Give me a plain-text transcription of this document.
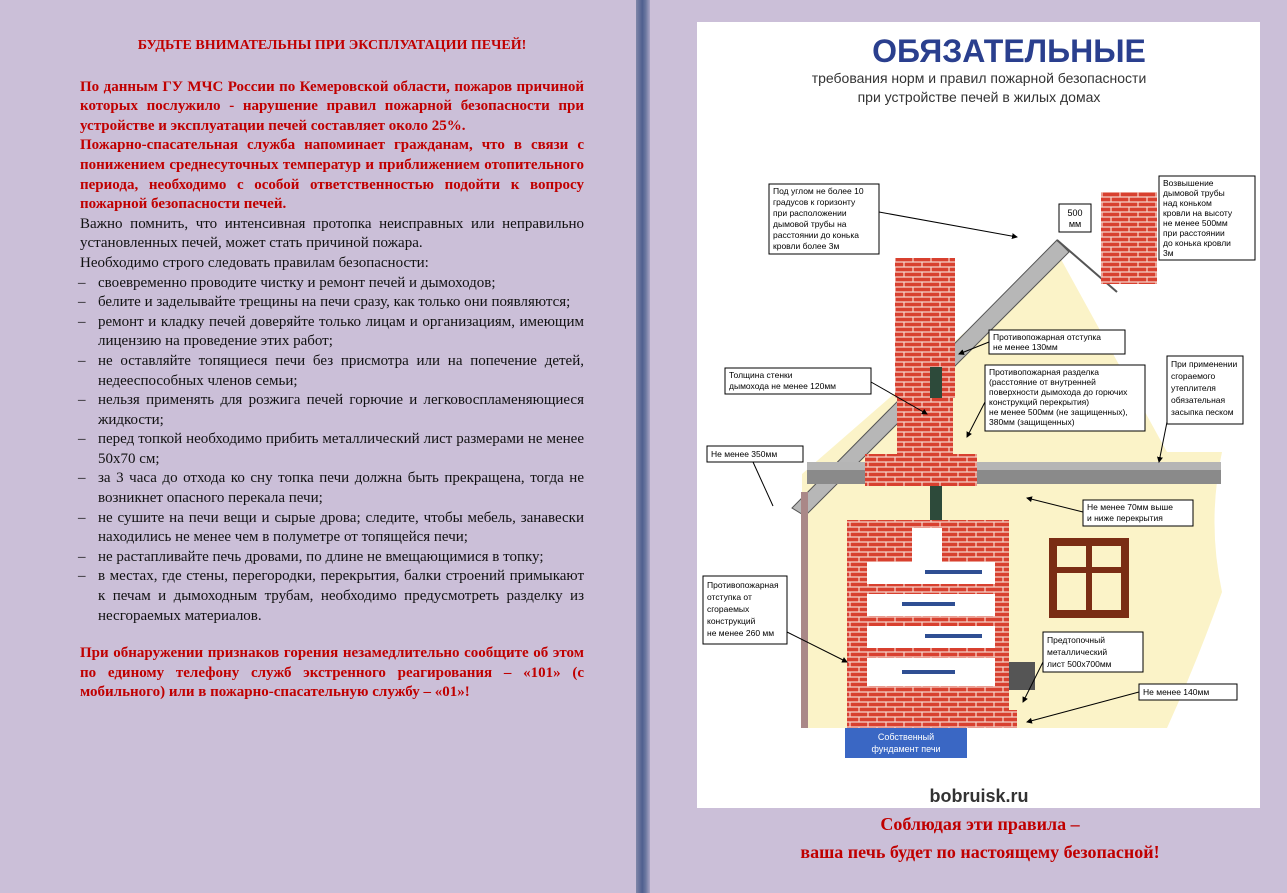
БУДЬТЕ ВНИМАТЕЛЬНЫ ПРИ ЭКСПЛУАТАЦИИ ПЕЧЕЙ!

По данным ГУ МЧС России по Кемеровской области, пожаров причиной которых послужило - нарушение правил пожарной безопасности при устройстве и эксплуатации печей составляет около 25%.

Пожарно-спасательная служба напоминает гражданам, что в связи с понижением среднесуточных температур и приближением отопительного периода, необходимо с особой ответственностью подойти к вопросу пожарной безопасности печей.

Важно помнить, что интенсивная протопка неисправных или неправильно установленных печей, может стать причиной пожара.

Необходимо строго следовать правилам безопасности:

– своевременно проводите чистку и ремонт печей и дымоходов;
– белите и заделывайте трещины на печи сразу, как только они появляются;
– ремонт и кладку печей доверяйте только лицам и организациям, имеющим лицензию на проведение этих работ;
– не оставляйте топящиеся печи без присмотра или на попечение детей, недееспособных членов семьи;
– нельзя применять для розжига печей горючие и легковоспламеняющиеся жидкости;
– перед топкой необходимо прибить металлический лист размерами не менее 50х70 см;
– за 3 часа до отхода ко сну топка печи должна быть прекращена, тогда не возникнет опасного перекала печи;
– не сушите на печи вещи и сырые дрова; следите, чтобы мебель, занавески находились не менее чем в полуметре от топящейся печи;
– не растапливайте печь дровами, по длине не вмещающимися в топку;
– в местах, где стены, перегородки, перекрытия, балки строений примыкают к печам и дымоходным трубам, необходимо предусмотреть разделку из несгораемых материалов.

При обнаружении признаков горения незамедлительно сообщите об этом по единому телефону служб экстренного реагирования – «101» (с мобильного) или в пожарно-спасательную службу – «01»!

ОБЯЗАТЕЛЬНЫЕ
требования норм и правил пожарной безопасности
при устройстве печей в жилых домах
Собственный
фундамент печи
Под углом не более 10 градусов к горизонту при расположении дымовой трубы на расстоянии до конька кровли более 3м
500
мм
Возвышение дымовой трубы над коньком кровли на высоту не менее 500мм при расстоянии до конька кровли 3м
Противопожарная отступка не менее 130мм
Толщина стенки дымохода не менее 120мм
Противопожарная разделка (расстояние от внутренней поверхности дымохода до горючих конструкций перекрытия) не менее 500мм (не защищенных), 380мм (защищенных)
При применении сгораемого утеплителя обязательная засыпка песком
Не менее 350мм
Не менее 70мм выше и ниже перекрытия
Противопожарная отступка от сгораемых конструкций не менее 260 мм
Предтопочный металлический лист 500х700мм
Не менее 140мм
bobruisk.ru
Соблюдая эти правила –
ваша печь будет по настоящему безопасной!
